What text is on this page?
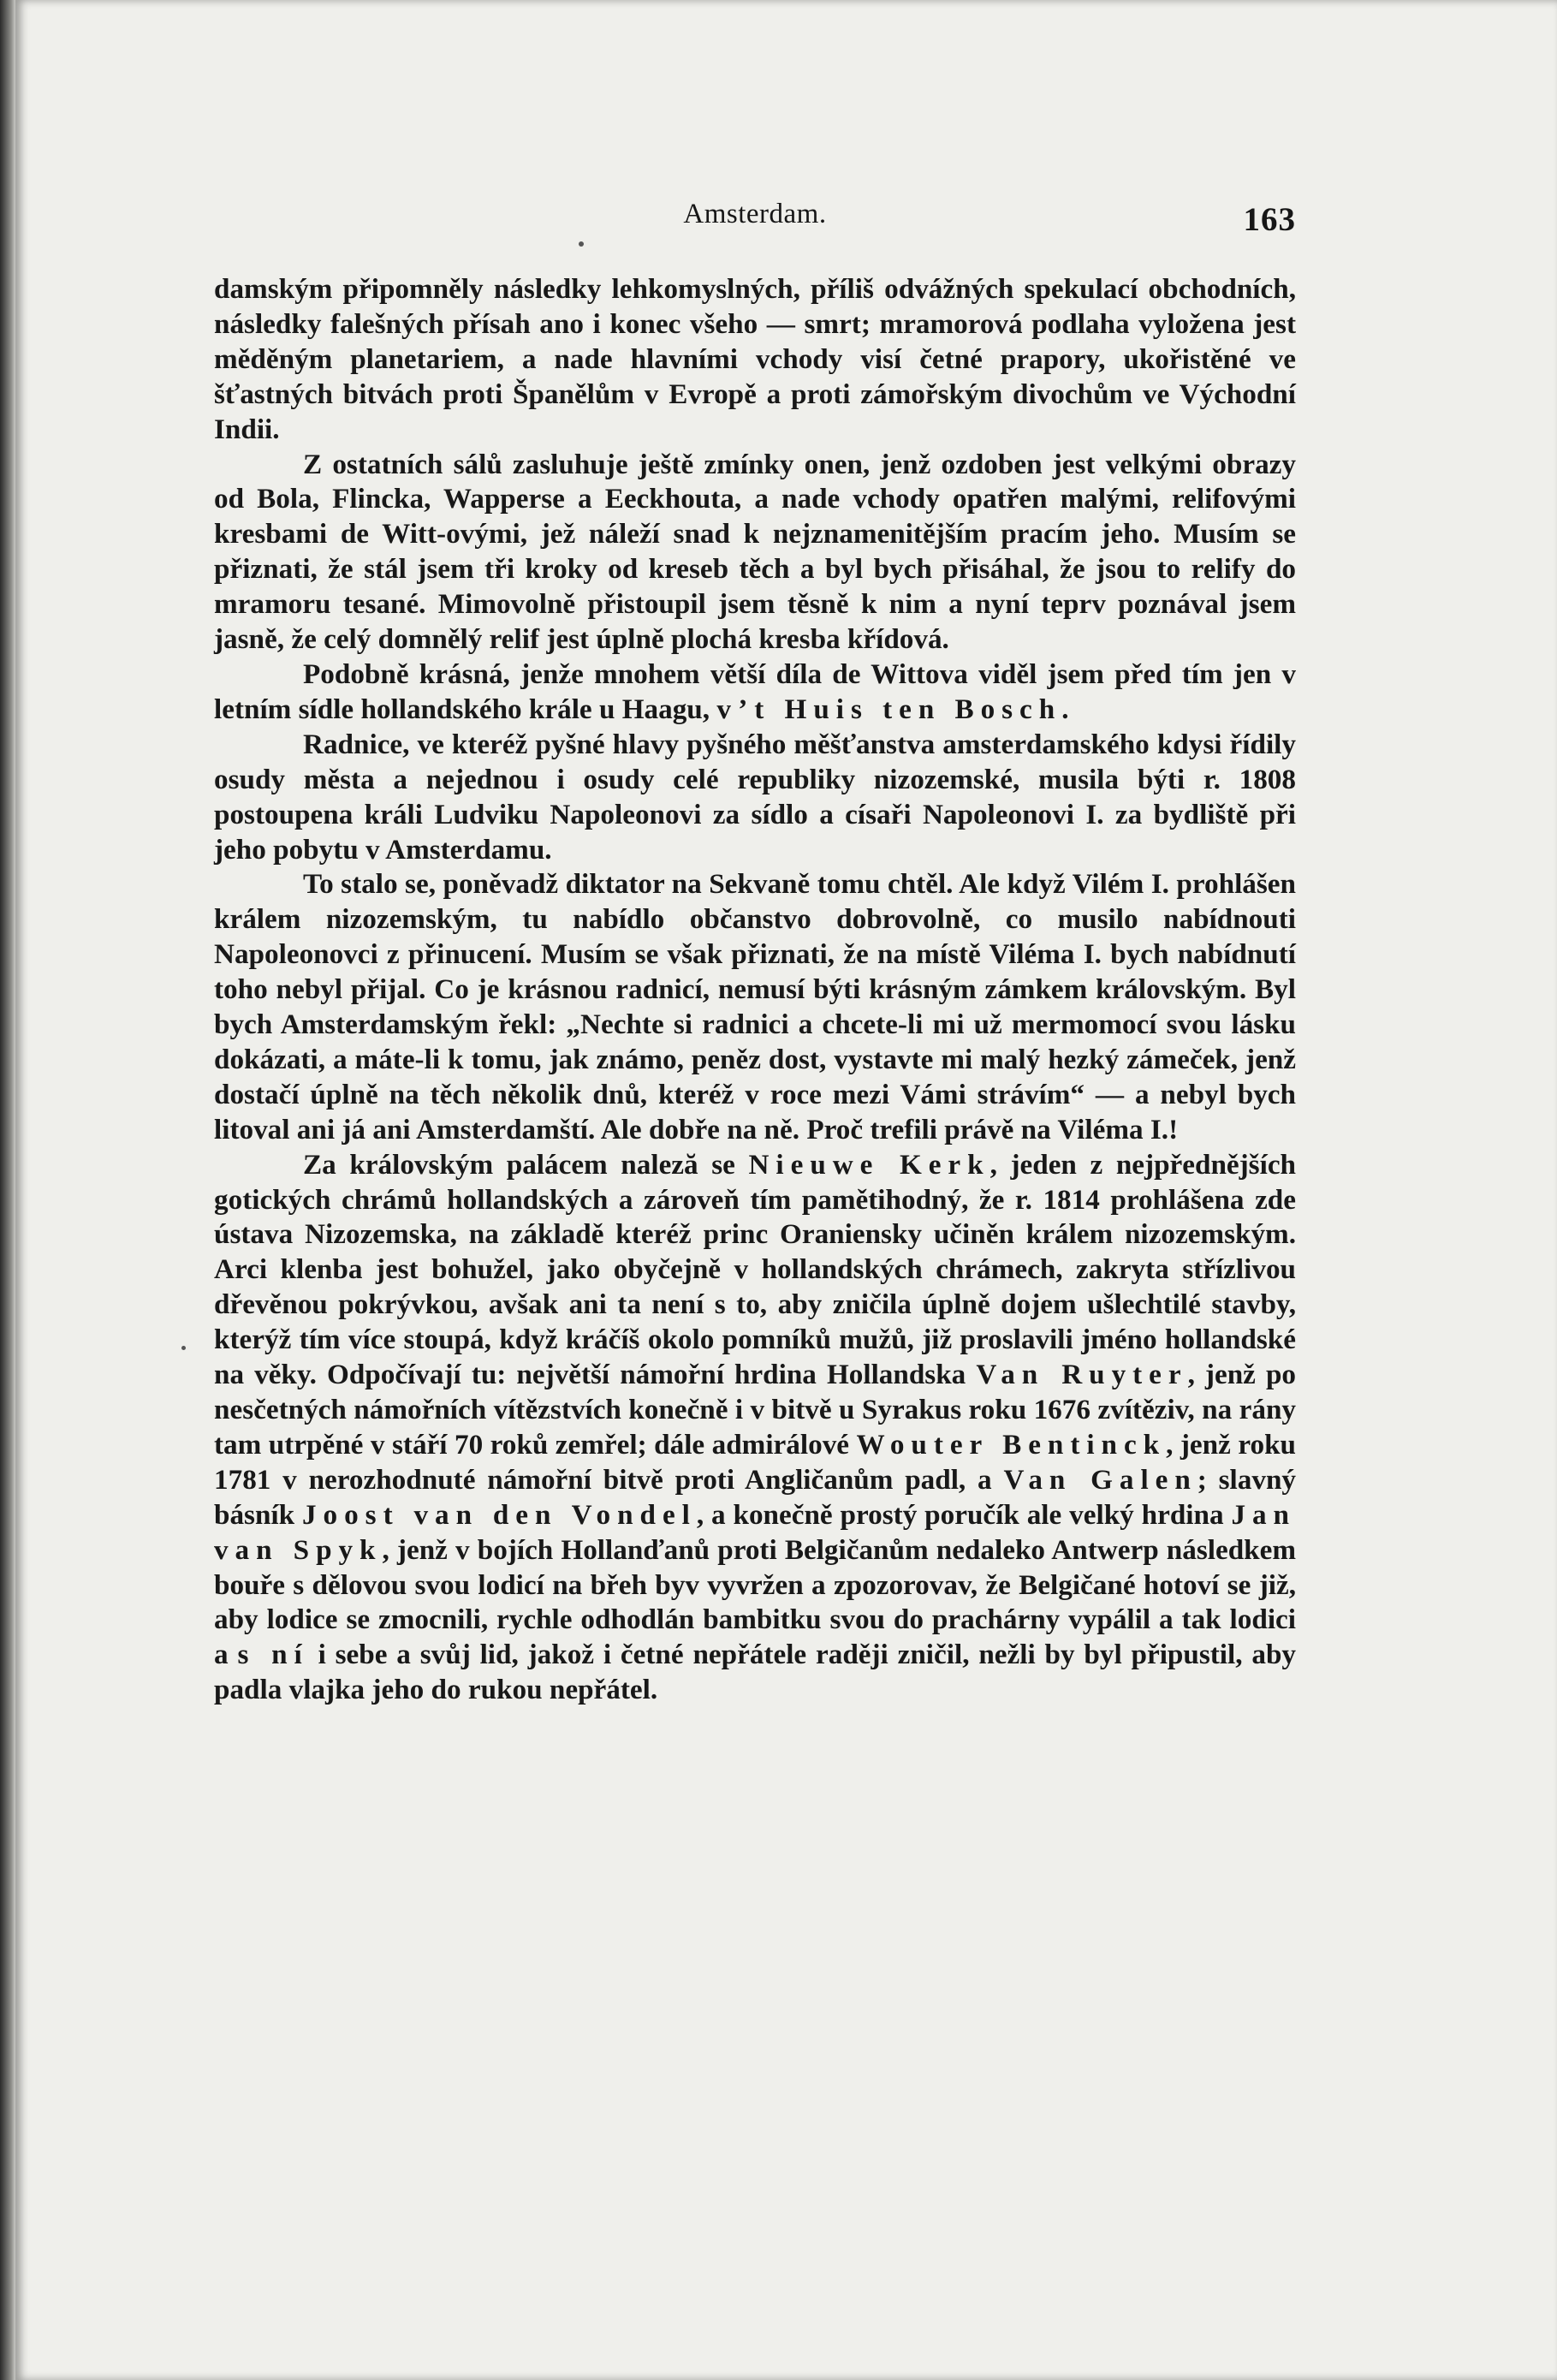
Amsterdam.	163

damským připomněly následky lehkomyslných, příliš odvážných spekulací obchodních, následky falešných přísah ano i konec všeho — smrt; mramorová podlaha vyložena jest měděným planetariem, a nade hlavními vchody visí četné prapory, ukořistěné ve šťastných bitvách proti Španělům v Evropě a proti zámořským divochům ve Východní Indii.

Z ostatních sálů zasluhuje ještě zmínky onen, jenž ozdoben jest velkými obrazy od Bola, Flincka, Wapperse a Eeckhouta, a nade vchody opatřen malými, relifovými kresbami de Witt-ovými, jež náleží snad k nejznamenitějším pracím jeho. Musím se přiznati, že stál jsem tři kroky od kreseb těch a byl bych přisáhal, že jsou to relify do mramoru tesané. Mimovolně přistoupil jsem těsně k nim a nyní teprv poznával jsem jasně, že celý domnělý relif jest úplně plochá kresba křídová.

Podobně krásná, jenže mnohem větší díla de Wittova viděl jsem před tím jen v letním sídle hollandského krále u Haagu, v ’t Huis ten Bosch.

Radnice, ve kteréž pyšné hlavy pyšného měšťanstva amsterdamského kdysi řídily osudy města a nejednou i osudy celé republiky nizozemské, musila býti r. 1808 postoupena králi Ludviku Napoleonovi za sídlo a císaři Napoleonovi I. za bydliště při jeho pobytu v Amsterdamu.

To stalo se, poněvadž diktator na Sekvaně tomu chtěl. Ale když Vilém I. prohlášen králem nizozemským, tu nabídlo občanstvo dobrovolně, co musilo nabídnouti Napoleonovci z přinucení. Musím se však přiznati, že na místě Viléma I. bych nabídnutí toho nebyl přijal. Co je krásnou radnicí, nemusí býti krásným zámkem královským. Byl bych Amsterdamským řekl: „Nechte si radnici a chcete-li mi už mermomocí svou lásku dokázati, a máte-li k tomu, jak známo, peněz dost, vystavte mi malý hezký zámeček, jenž dostačí úplně na těch několik dnů, kteréž v roce mezi Vámi strávím“ — a nebyl bych litoval ani já ani Amsterdamští. Ale dobře na ně. Proč trefili právě na Viléma I.!

Za královským palácem naleză se Nieuwe Kerk, jeden z nejpřednějších gotických chrámů hollandských a zároveň tím pamětihodný, že r. 1814 prohlášena zde ústava Nizozemska, na základě kteréž princ Oraniensky učiněn králem nizozemským. Arci klenba jest bohužel, jako obyčejně v hollandských chrámech, zakryta střízlivou dřevěnou pokrývkou, avšak ani ta není s to, aby zničila úplně dojem ušlechtilé stavby, kterýž tím více stoupá, když kráčíš okolo pomníků mužů, již proslavili jméno hollandské na věky. Odpočívají tu: největší námořní hrdina Hollandska Van Ruyter, jenž po nesčetných námořních vítězstvích konečně i v bitvě u Syrakus roku 1676 zvítěziv, na rány tam utrpěné v stáří 70 roků zemřel; dále admirálové Wouter Bentinck, jenž roku 1781 v nerozhodnuté námořní bitvě proti Angličanům padl, a Van Galen; slavný básník Joost van den Vondel, a konečně prostý poručík ale velký hrdina Jan van Spyk, jenž v bojích Hollanďanů proti Belgičanům nedaleko Antwerp následkem bouře s dělovou svou lodicí na břeh byv vyvržen a zpozorovav, že Belgičané hotoví se již, aby lodice se zmocnili, rychle odhodlán bambitku svou do prachárny vypálil a tak lodici a s ní i sebe a svůj lid, jakož i četné nepřátele raději zničil, nežli by byl připustil, aby padla vlajka jeho do rukou nepřátel.
